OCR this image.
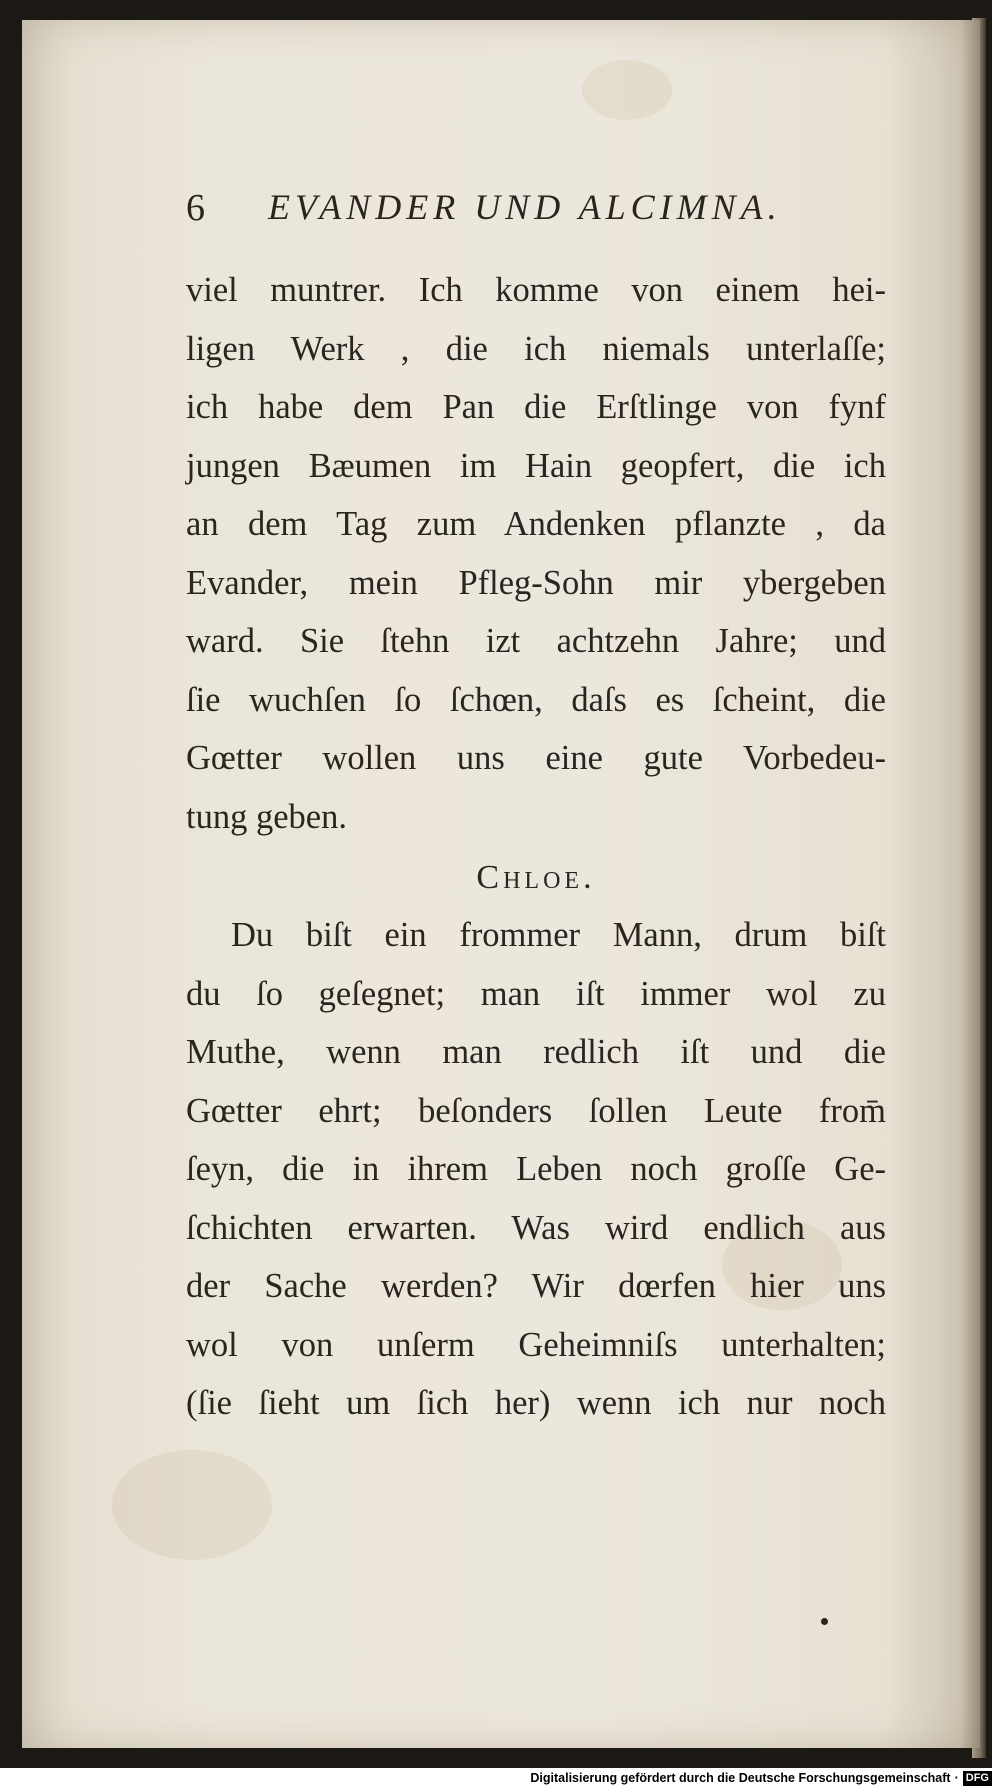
6 EVANDER UND ALCIMNA.
viel muntrer. Ich komme von einem hei-
ligen Werk , die ich niemals unterlaſſe;
ich habe dem Pan die Erſtlinge von fynf
jungen Bæumen im Hain geopfert, die ich
an dem Tag zum Andenken pflanzte , da
Evander, mein Pfleg-Sohn mir ybergeben
ward. Sie ſtehn izt achtzehn Jahre; und
ſie wuchſen ſo ſchœn, daſs es ſcheint, die
Gœtter wollen uns eine gute Vorbedeu-
tung geben.
Chloe.
Du biſt ein frommer Mann, drum biſt
du ſo geſegnet; man iſt immer wol zu
Muthe, wenn man redlich iſt und die
Gœtter ehrt; beſonders ſollen Leute from̄
ſeyn, die in ihrem Leben noch groſſe Ge-
ſchichten erwarten. Was wird endlich aus
der Sache werden? Wir dœrfen hier uns
wol von unſerm Geheimniſs unterhalten;
(ſie ſieht um ſich her) wenn ich nur noch
Digitalisierung gefördert durch die Deutsche Forschungsgemeinschaft · DFG
